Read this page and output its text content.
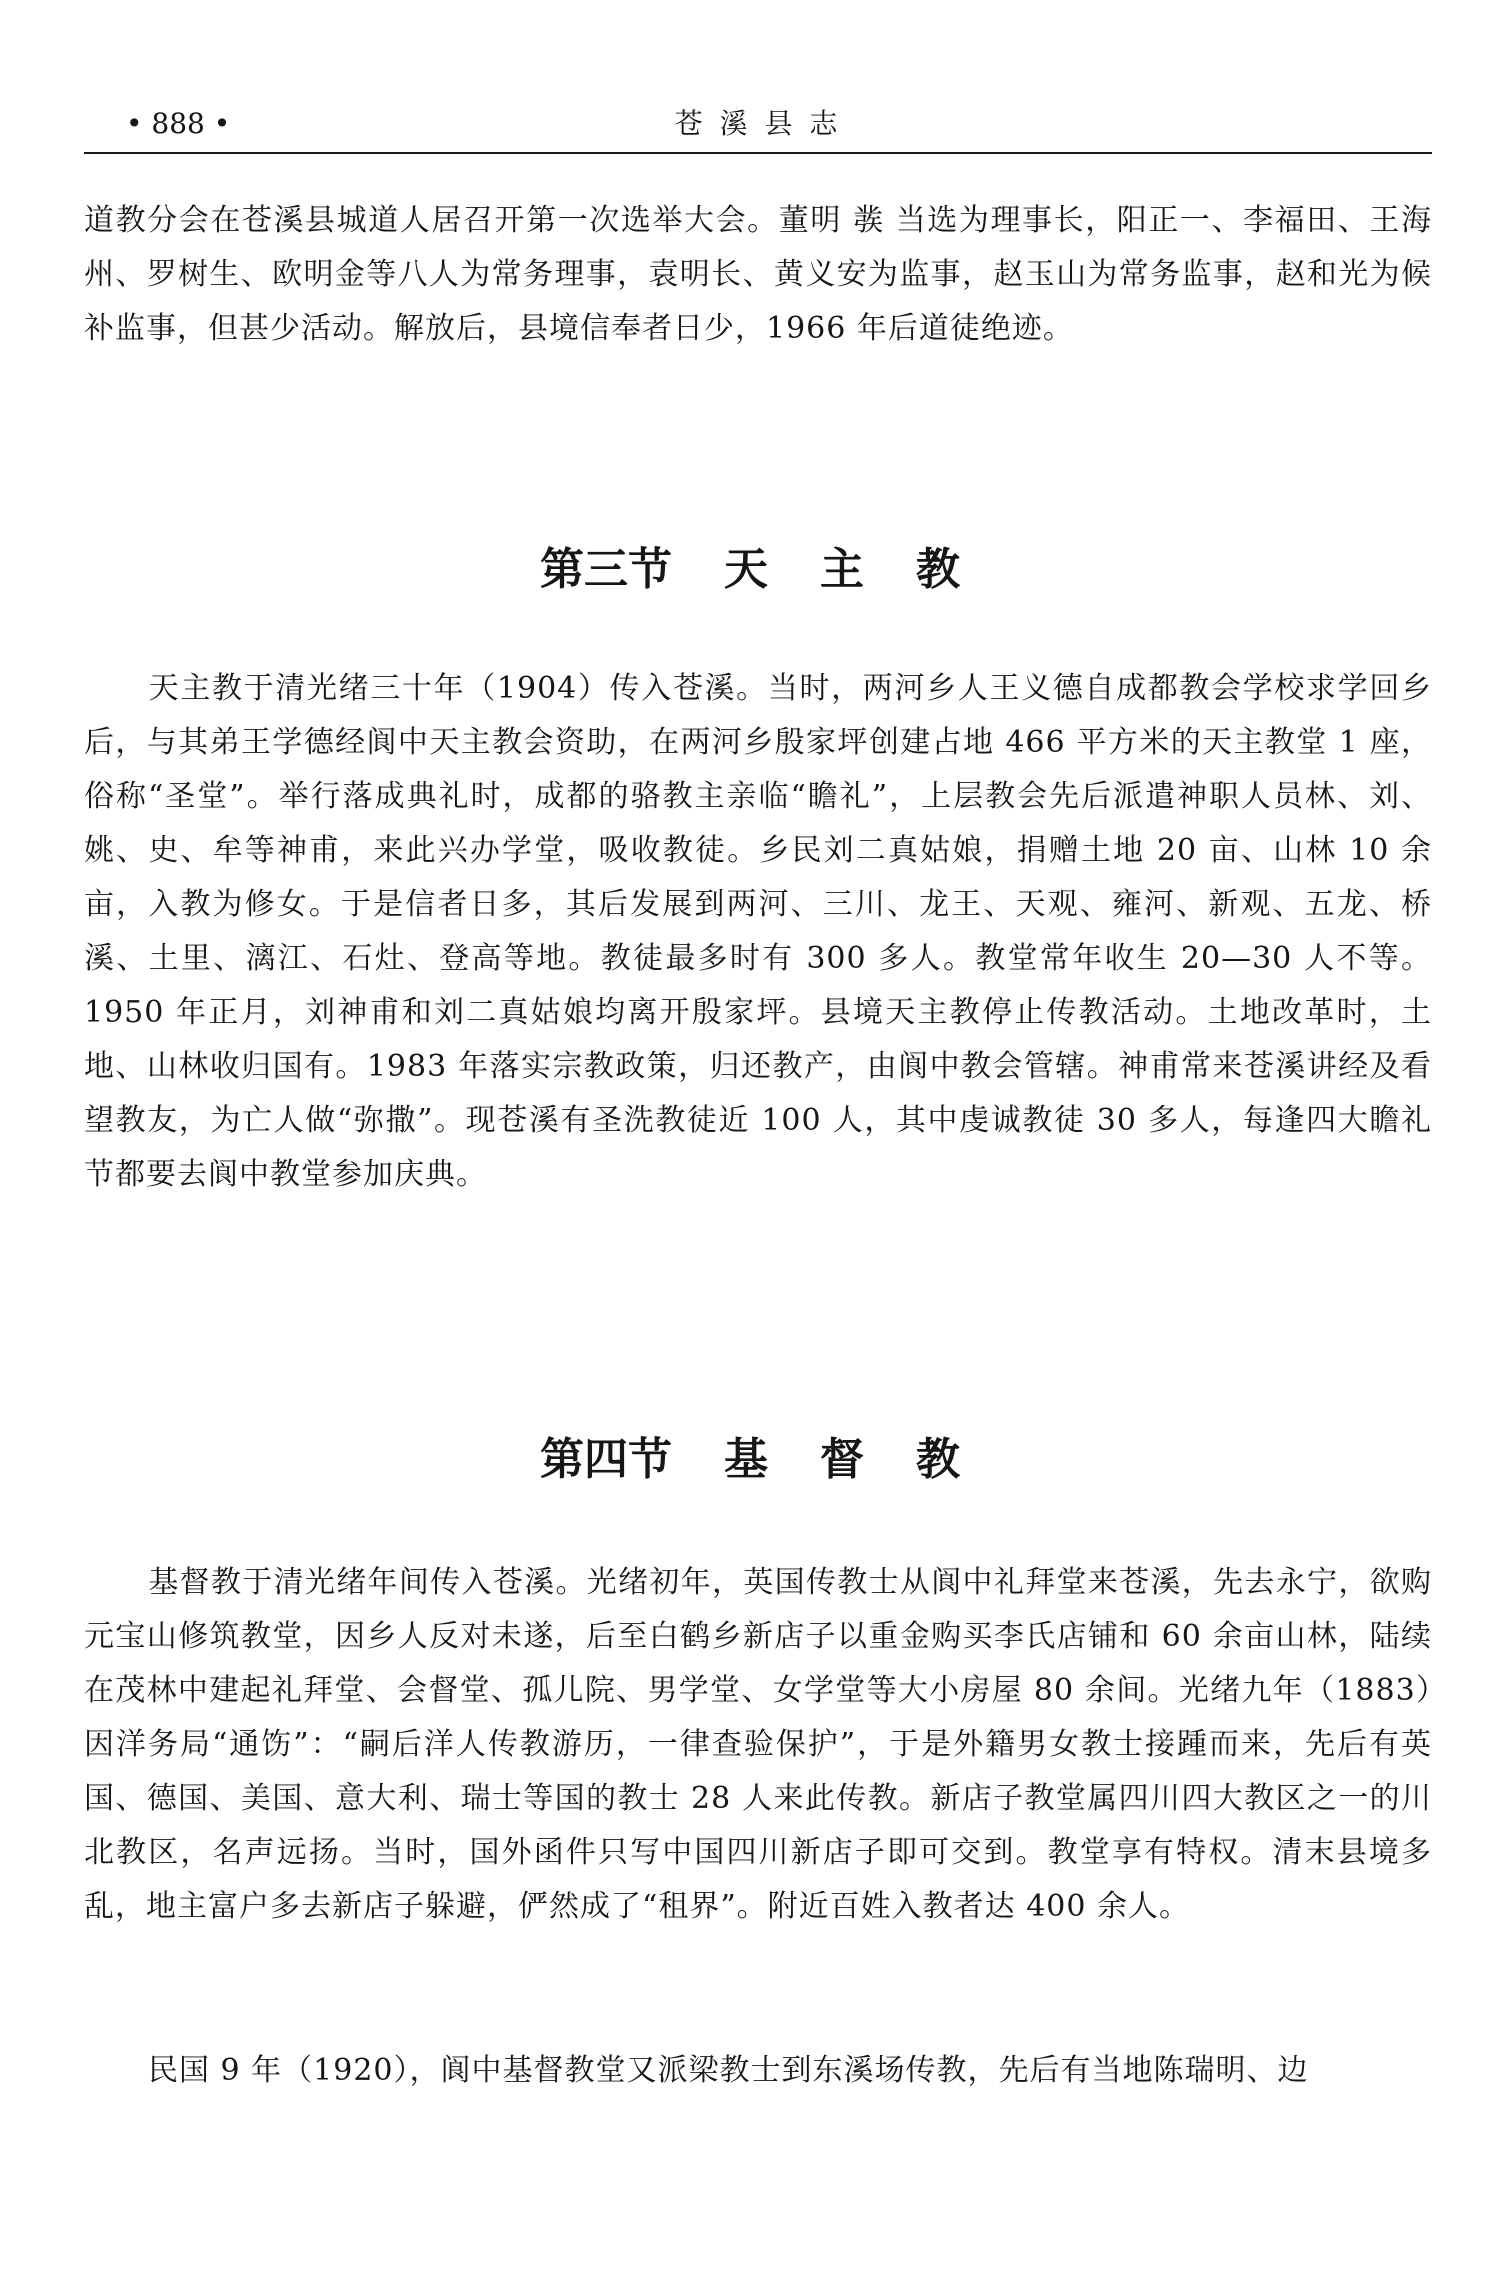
苍 溪 县 志
• 888 •

道教分会在苍溪县城道人居召开第一次选举大会。董明 彂 当选为理事长，阳正一、李福田、王海州、罗树生、欧明金等八人为常务理事，袁明长、黄义安为监事，赵玉山为常务监事，赵和光为候补监事，但甚少活动。解放后，县境信奉者日少，1966 年后道徒绝迹。

第三节 天主教

天主教于清光绪三十年（1904）传入苍溪。当时，两河乡人王义德自成都教会学校求学回乡后，与其弟王学德经阆中天主教会资助，在两河乡殷家坪创建占地 466 平方米的天主教堂 1 座，俗称“圣堂”。举行落成典礼时，成都的骆教主亲临“瞻礼”，上层教会先后派遣神职人员林、刘、姚、史、牟等神甫，来此兴办学堂，吸收教徒。乡民刘二真姑娘，捐赠土地 20 亩、山林 10 余亩，入教为修女。于是信者日多，其后发展到两河、三川、龙王、天观、雍河、新观、五龙、桥溪、土里、漓江、石灶、登高等地。教徒最多时有 300 多人。教堂常年收生 20—30 人不等。1950 年正月，刘神甫和刘二真姑娘均离开殷家坪。县境天主教停止传教活动。土地改革时，土地、山林收归国有。1983 年落实宗教政策，归还教产，由阆中教会管辖。神甫常来苍溪讲经及看望教友，为亡人做“弥撒”。现苍溪有圣洗教徒近 100 人，其中虔诚教徒 30 多人，每逢四大瞻礼节都要去阆中教堂参加庆典。

第四节 基督教

基督教于清光绪年间传入苍溪。光绪初年，英国传教士从阆中礼拜堂来苍溪，先去永宁，欲购元宝山修筑教堂，因乡人反对未遂，后至白鹤乡新店子以重金购买李氏店铺和 60 余亩山林，陆续在茂林中建起礼拜堂、会督堂、孤儿院、男学堂、女学堂等大小房屋 80 余间。光绪九年（1883）因洋务局“通饬”：“嗣后洋人传教游历，一律查验保护”，于是外籍男女教士接踵而来，先后有英国、德国、美国、意大利、瑞士等国的教士 28 人来此传教。新店子教堂属四川四大教区之一的川北教区，名声远扬。当时，国外函件只写中国四川新店子即可交到。教堂享有特权。清末县境多乱，地主富户多去新店子躲避，俨然成了“租界”。附近百姓入教者达 400 余人。

民国 9 年（1920），阆中基督教堂又派梁教士到东溪场传教，先后有当地陈瑞明、边
